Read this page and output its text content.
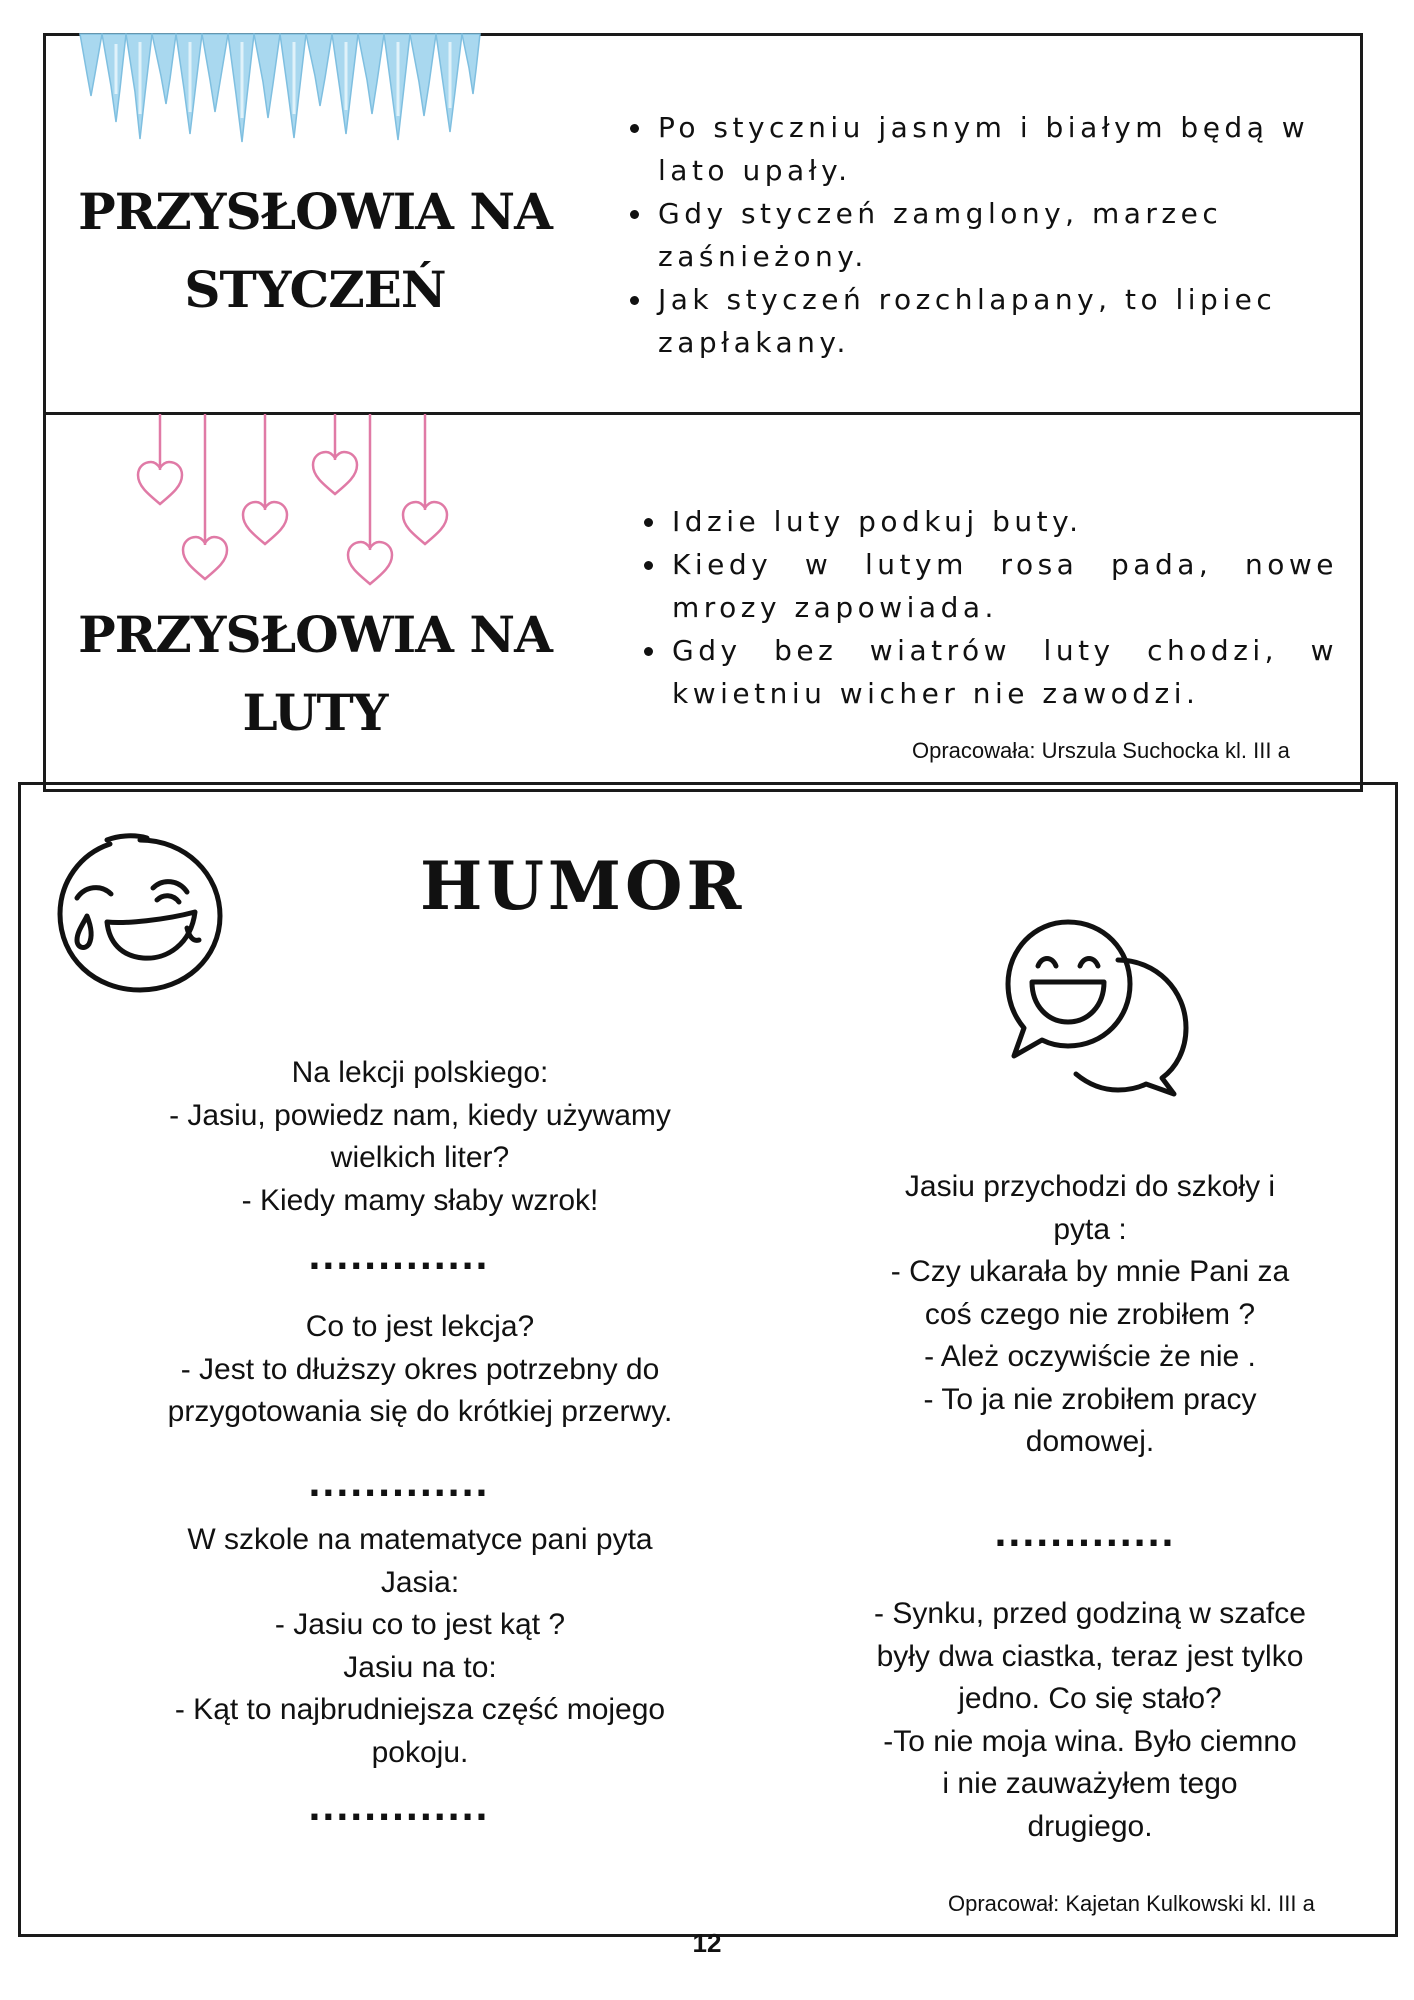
PRZYSŁOWIA NA
STYCZEŃ
• Po styczniu jasnym i białym będą w lato upały.
• Gdy styczeń zamglony, marzec zaśnieżony.
• Jak styczeń rozchlapany, to lipiec zapłakany.
PRZYSŁOWIA NA
LUTY
• Idzie luty podkuj buty.
• Kiedy w lutym rosa pada, nowe mrozy zapowiada.
• Gdy bez wiatrów luty chodzi, w kwietniu wicher nie zawodzi.
Opracowała: Urszula Suchocka kl. III a
HUMOR

Na lekcji polskiego:
- Jasiu, powiedz nam, kiedy używamy
wielkich liter?
- Kiedy mamy słaby wzrok!

.............

Co to jest lekcja?
- Jest to dłuższy okres potrzebny do
przygotowania się do krótkiej przerwy.

.............

W szkole na matematyce pani pyta
Jasia:
- Jasiu co to jest kąt ?
Jasiu na to:
- Kąt to najbrudniejsza część mojego
pokoju.

.............

Jasiu przychodzi do szkoły i
pyta :
- Czy ukarała by mnie Pani za
coś czego nie zrobiłem ?
- Ależ oczywiście że nie .
- To ja nie zrobiłem pracy
domowej.

.............

- Synku, przed godziną w szafce
były dwa ciastka, teraz jest tylko
jedno. Co się stało?
-To nie moja wina. Było ciemno
i nie zauważyłem tego
drugiego.

Opracował: Kajetan Kulkowski kl. III a
12
